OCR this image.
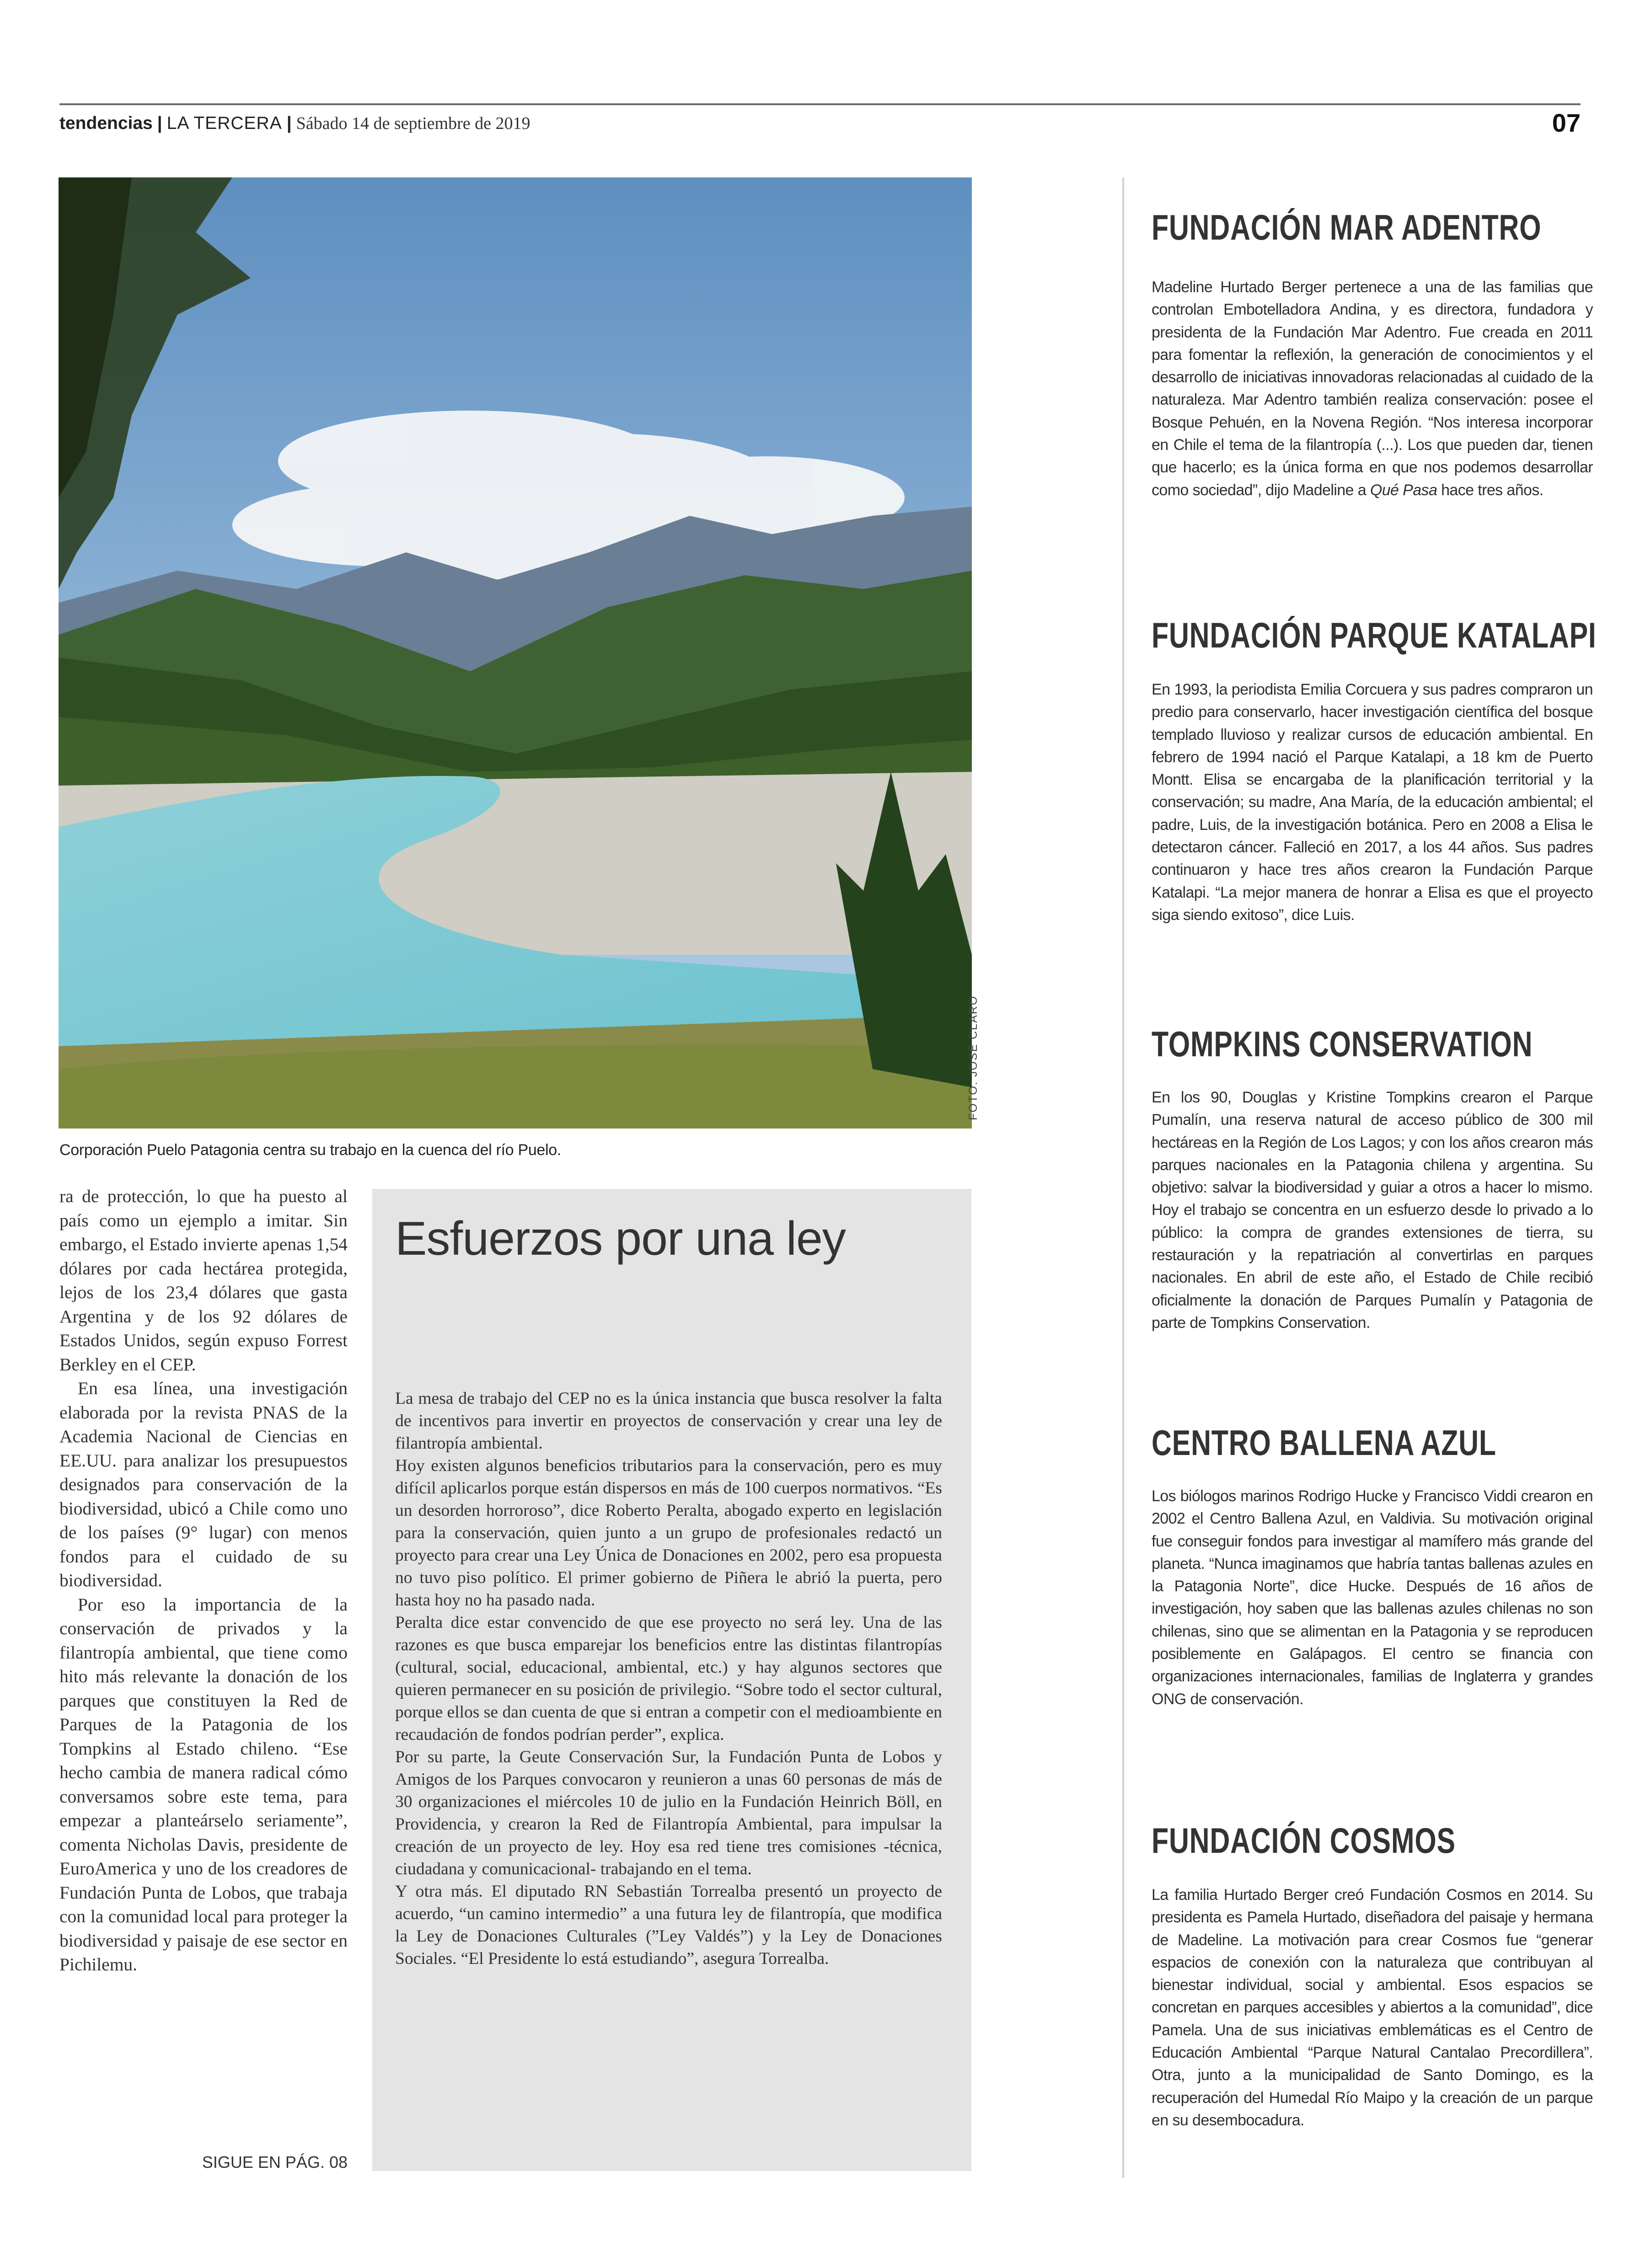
tendencias | LA TERCERA | Sábado 14 de septiembre de 2019	07
FOTO: JOSÉ CLARO
Corporación Puelo Patagonia centra su trabajo en la cuenca del río Puelo.

ra de protección, lo que ha puesto al país como un ejemplo a imitar. Sin embargo, el Estado invierte apenas 1,54 dólares por cada hectárea protegida, lejos de los 23,4 dólares que gasta Argentina y de los 92 dólares de Estados Unidos, según expuso Forrest Berkley en el CEP.

En esa línea, una investigación elaborada por la revista PNAS de la Academia Nacional de Ciencias en EE.UU. para analizar los presupuestos designados para conservación de la biodiversidad, ubicó a Chile como uno de los países (9° lugar) con menos fondos para el cuidado de su biodiversidad.

Por eso la importancia de la conservación de privados y la filantropía ambiental, que tiene como hito más relevante la donación de los parques que constituyen la Red de Parques de la Patagonia de los Tompkins al Estado chileno. “Ese hecho cambia de manera radical cómo conversamos sobre este tema, para empezar a planteárselo seriamente”, comenta Nicholas Davis, presidente de EuroAmerica y uno de los creadores de Fundación Punta de Lobos, que trabaja con la comunidad local para proteger la biodiversidad y paisaje de ese sector en Pichilemu.

SIGUE EN PÁG. 08
Esfuerzos por una ley

La mesa de trabajo del CEP no es la única instancia que busca resolver la falta de incentivos para invertir en proyectos de conservación y crear una ley de filantropía ambiental.

Hoy existen algunos beneficios tributarios para la conservación, pero es muy difícil aplicarlos porque están dispersos en más de 100 cuerpos normativos. “Es un desorden horroroso”, dice Roberto Peralta, abogado experto en legislación para la conservación, quien junto a un grupo de profesionales redactó un proyecto para crear una Ley Única de Donaciones en 2002, pero esa propuesta no tuvo piso político. El primer gobierno de Piñera le abrió la puerta, pero hasta hoy no ha pasado nada.

Peralta dice estar convencido de que ese proyecto no será ley. Una de las razones es que busca emparejar los beneficios entre las distintas filantropías (cultural, social, educacional, ambiental, etc.) y hay algunos sectores que quieren permanecer en su posición de privilegio. “Sobre todo el sector cultural, porque ellos se dan cuenta de que si entran a competir con el medioambiente en recaudación de fondos podrían perder”, explica.

Por su parte, la Geute Conservación Sur, la Fundación Punta de Lobos y Amigos de los Parques convocaron y reunieron a unas 60 personas de más de 30 organizaciones el miércoles 10 de julio en la Fundación Heinrich Böll, en Providencia, y crearon la Red de Filantropía Ambiental, para impulsar la creación de un proyecto de ley. Hoy esa red tiene tres comisiones -técnica, ciudadana y comunicacional- trabajando en el tema.

Y otra más. El diputado RN Sebastián Torrealba presentó un proyecto de acuerdo, “un camino intermedio” a una futura ley de filantropía, que modifica la Ley de Donaciones Culturales (”Ley Valdés”) y la Ley de Donaciones Sociales. “El Presidente lo está estudiando”, asegura Torrealba.

FUNDACIÓN MAR ADENTRO

Madeline Hurtado Berger pertenece a una de las familias que controlan Embotelladora Andina, y es directora, fundadora y presidenta de la Fundación Mar Adentro. Fue creada en 2011 para fomentar la reflexión, la generación de conocimientos y el desarrollo de iniciativas innovadoras relacionadas al cuidado de la naturaleza. Mar Adentro también realiza conservación: posee el Bosque Pehuén, en la Novena Región. “Nos interesa incorporar en Chile el tema de la filantropía (...). Los que pueden dar, tienen que hacerlo; es la única forma en que nos podemos desarrollar como sociedad”, dijo Madeline a Qué Pasa hace tres años.

FUNDACIÓN PARQUE KATALAPI

En 1993, la periodista Emilia Corcuera y sus padres compraron un predio para conservarlo, hacer investigación científica del bosque templado lluvioso y realizar cursos de educación ambiental. En febrero de 1994 nació el Parque Katalapi, a 18 km de Puerto Montt. Elisa se encargaba de la planificación territorial y la conservación; su madre, Ana María, de la educación ambiental; el padre, Luis, de la investigación botánica. Pero en 2008 a Elisa le detectaron cáncer. Falleció en 2017, a los 44 años. Sus padres continuaron y hace tres años crearon la Fundación Parque Katalapi. “La mejor manera de honrar a Elisa es que el proyecto siga siendo exitoso”, dice Luis.

TOMPKINS CONSERVATION

En los 90, Douglas y Kristine Tompkins crearon el Parque Pumalín, una reserva natural de acceso público de 300 mil hectáreas en la Región de Los Lagos; y con los años crearon más parques nacionales en la Patagonia chilena y argentina. Su objetivo: salvar la biodiversidad y guiar a otros a hacer lo mismo. Hoy el trabajo se concentra en un esfuerzo desde lo privado a lo público: la compra de grandes extensiones de tierra, su restauración y la repatriación al convertirlas en parques nacionales. En abril de este año, el Estado de Chile recibió oficialmente la donación de Parques Pumalín y Patagonia de parte de Tompkins Conservation.

CENTRO BALLENA AZUL

Los biólogos marinos Rodrigo Hucke y Francisco Viddi crearon en 2002 el Centro Ballena Azul, en Valdivia. Su motivación original fue conseguir fondos para investigar al mamífero más grande del planeta. “Nunca imaginamos que habría tantas ballenas azules en la Patagonia Norte”, dice Hucke. Después de 16 años de investigación, hoy saben que las ballenas azules chilenas no son chilenas, sino que se alimentan en la Patagonia y se reproducen posiblemente en Galápagos. El centro se financia con organizaciones internacionales, familias de Inglaterra y grandes ONG de conservación.

FUNDACIÓN COSMOS

La familia Hurtado Berger creó Fundación Cosmos en 2014. Su presidenta es Pamela Hurtado, diseñadora del paisaje y hermana de Madeline. La motivación para crear Cosmos fue “generar espacios de conexión con la naturaleza que contribuyan al bienestar individual, social y ambiental. Esos espacios se concretan en parques accesibles y abiertos a la comunidad”, dice Pamela. Una de sus iniciativas emblemáticas es el Centro de Educación Ambiental “Parque Natural Cantalao Precordillera”. Otra, junto a la municipalidad de Santo Domingo, es la recuperación del Humedal Río Maipo y la creación de un parque en su desembocadura.
